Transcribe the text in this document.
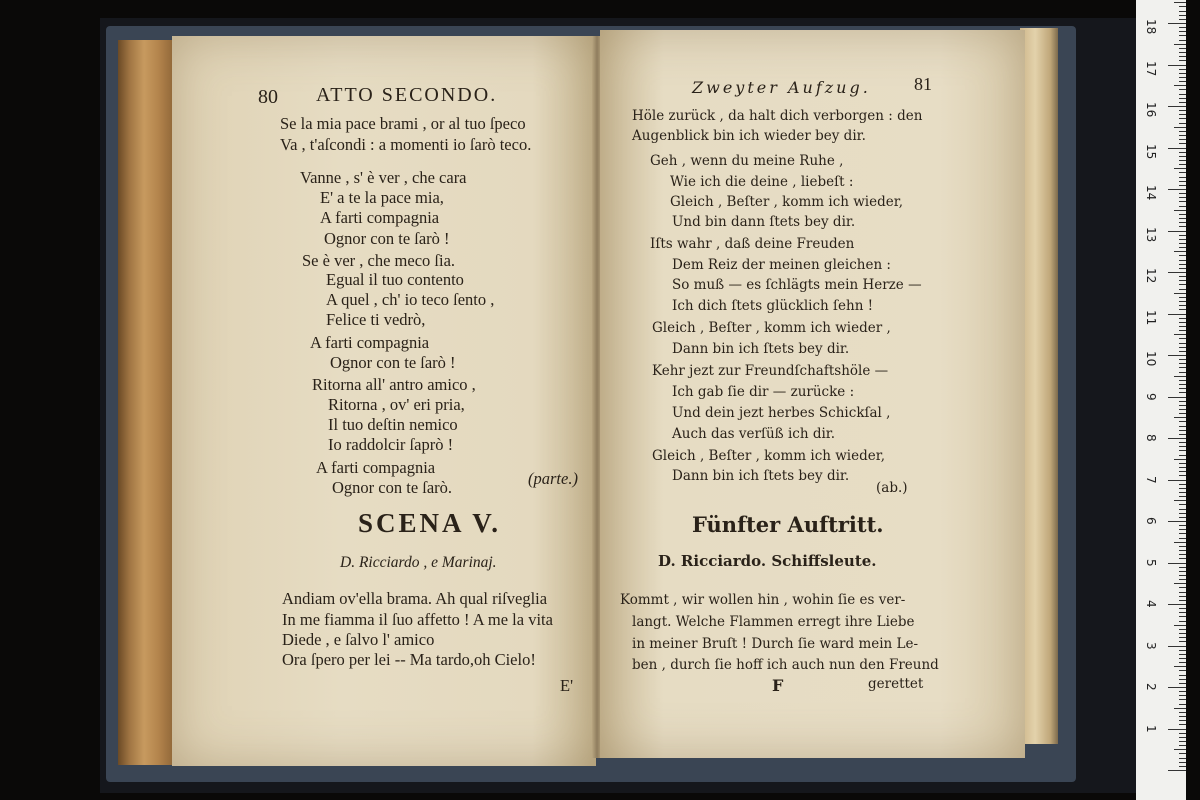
80 ATTO SECONDO.
Se la mia pace brami , or al tuo ſpeco
Va , t'aſcondi : a momenti io ſarò teco.
Vanne , s' è ver , che cara
E' a te la pace mia,
A farti compagnia
Ognor con te ſarò !
Se è ver , che meco ſia.
Egual il tuo contento
A quel , ch' io teco ſento ,
Felice ti vedrò,
A farti compagnia
Ognor con te ſarò !
Ritorna all' antro amico ,
Ritorna , ov' eri pria,
Il tuo deſtin nemico
Io raddolcir ſaprò !
A farti compagnia
Ognor con te ſarò.	(parte.)
SCENA V.
D. Ricciardo , e Marinaj.
Andiam ov'ella brama. Ah qual riſveglia
In me fiamma il ſuo affetto ! A me la vita
Diede , e ſalvo l' amico
Ora ſpero per lei -- Ma tardo,oh Cielo!
E'
Zweyter Aufzug. 81
Höle zurück , da halt dich verborgen : den
Augenblick bin ich wieder bey dir.
Geh , wenn du meine Ruhe ,
Wie ich die deine , liebeſt :
Gleich , Beſter , komm ich wieder,
Und bin dann ſtets bey dir.
Iſts wahr , daß deine Freuden
Dem Reiz der meinen gleichen :
So muß — es ſchlägts mein Herze —
Ich dich ſtets glücklich ſehn !
Gleich , Beſter , komm ich wieder ,
Dann bin ich ſtets bey dir.
Kehr jezt zur Freundſchaftshöle —
Ich gab ſie dir — zurücke :
Und dein jezt herbes Schickſal ,
Auch das verſüß ich dir.
Gleich , Beſter , komm ich wieder,
Dann bin ich ſtets bey dir.
(ab.)
Fünfter Auftritt.
D. Ricciardo. Schiffsleute.
Kommt , wir wollen hin , wohin ſie es ver-
langt. Welche Flammen erregt ihre Liebe
in meiner Bruſt ! Durch ſie ward mein Le-
ben , durch ſie hoff ich auch nun den Freund
F	gerettet
1
2
3
4
5
6
7
8
9
10
11
12
13
14
15
16
17
18
